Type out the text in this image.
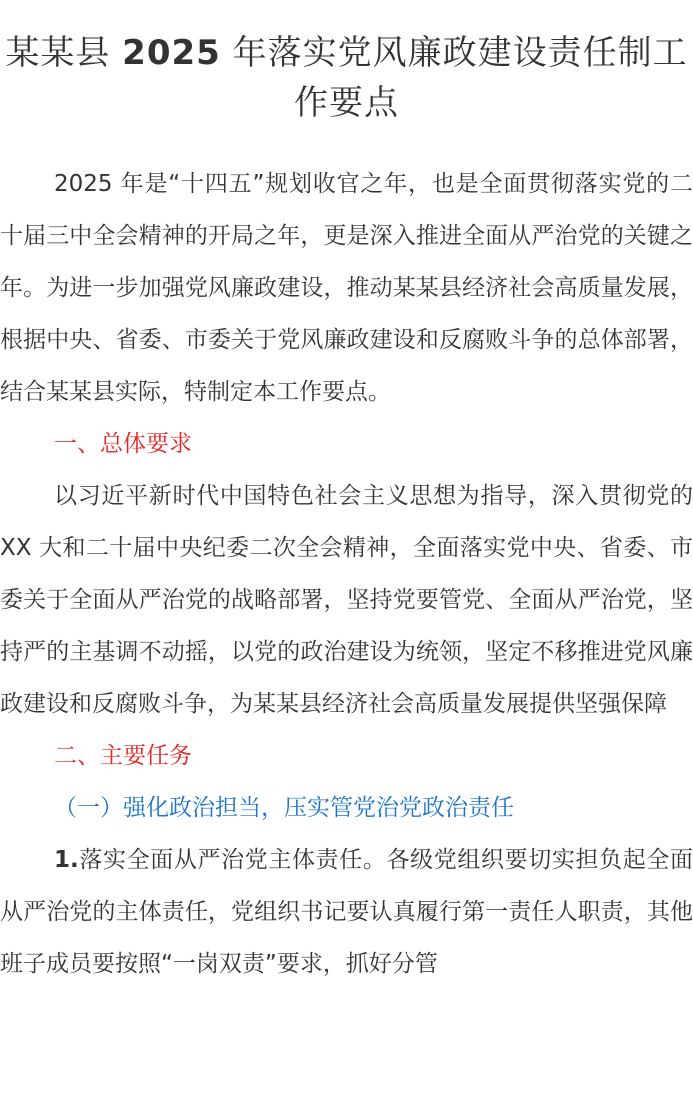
某某县 2025 年落实党风廉政建设责任制工作要点

2025 年是“十四五”规划收官之年，也是全面贯彻落实党的二十届三中全会精神的开局之年，更是深入推进全面从严治党的关键之年。为进一步加强党风廉政建设，推动某某县经济社会高质量发展，根据中央、省委、市委关于党风廉政建设和反腐败斗争的总体部署，结合某某县实际，特制定本工作要点。

一、总体要求

以习近平新时代中国特色社会主义思想为指导，深入贯彻党的 XX 大和二十届中央纪委二次全会精神，全面落实党中央、省委、市委关于全面从严治党的战略部署，坚持党要管党、全面从严治党，坚持严的主基调不动摇，以党的政治建设为统领，坚定不移推进党风廉政建设和反腐败斗争，为某某县经济社会高质量发展提供坚强保障

二、主要任务

（一）强化政治担当，压实管党治党政治责任

1.落实全面从严治党主体责任。各级党组织要切实担负起全面从严治党的主体责任，党组织书记要认真履行第一责任人职责，其他班子成员要按照“一岗双责”要求，抓好分管
